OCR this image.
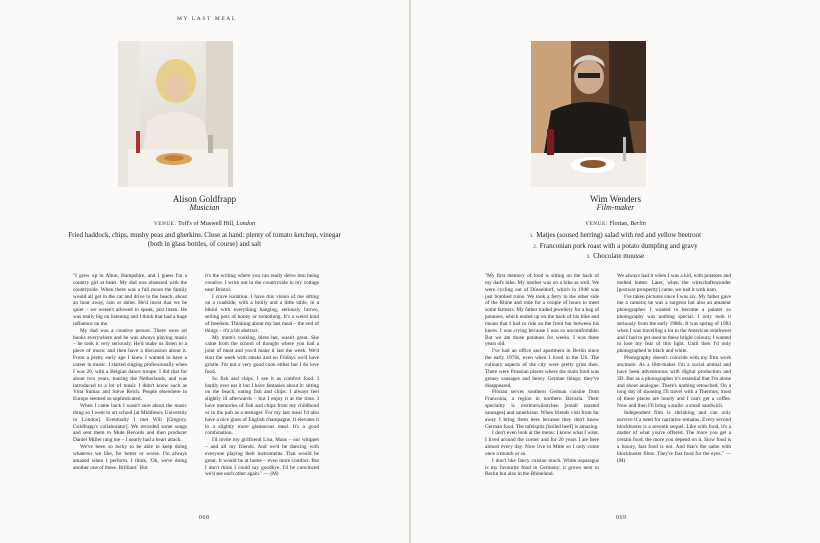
MY LAST MEAL
Alison Goldfrapp
Musician
VENUE: Toff's of Muswell Hill, London
Fried haddock, chips, mushy peas and gherkins. Close at hand: plenty of tomato ketchup, vinegar
(both in glass bottles, of course) and salt

"I grew up in Alton, Hampshire, and I guess I'm a country girl at heart. My dad was obsessed with the countryside. When there was a full moon the family would all get in the car and drive to the beach, about an hour away, rain or shine. He'd insist that we be quiet – we weren't allowed to speak, just listen. He was really big on listening and I think that had a huge influence on me.

My dad was a creative person. There were art books everywhere and he was always playing music – he took it very seriously. He'd make us listen to a piece of music and then have a discussion about it. From a pretty early age I knew I wanted to have a career in music. I started singing professionally when I was 20, with a Belgian dance troupe. I did that for about two years, touring the Netherlands, and was introduced to a lot of music I didn't know such as Yma Sumac and Steve Reich. People elsewhere in Europe seemed so sophisticated.

When I came back I wasn't sure about the music thing so I went to art school [at Middlesex University in London]. Eventually I met Will [Gregory, Goldfrapp's collaborator]. We recorded some songs and sent them to Mute Records and then producer Daniel Miller rang me – I nearly had a heart attack.

We've been so lucky to be able to keep doing whatever we like, for better or worse. I'm always amazed when I perform. I think, 'Oh, we're doing another one of these. Brilliant.' But

it's the writing where you can really delve into being creative. I write out in the countryside in my cottage near Bristol.

I crave isolation. I have this vision of me sitting on a roadside, with a brolly and a little table, in a bikini with everything hanging, seriously brown, selling pots of honey or something. It's a weird kind of freedom. Thinking about my last meal – the end of things – it's a bit abstract.

My mum's cooking, bless her, wasn't great. She came from the school of thought where you had a joint of meat and you'd make it last the week. We'd start the week with steaks and on Fridays we'd have gristle. I'm not a very good cook either but I do love food.

So fish and chips. I see it as comfort food. I hardly ever eat it but I have fantasies about it: sitting on the beach, eating fish and chips. I always feel slightly ill afterwards – but I enjoy it at the time. I have memories of fish and chips from my childhood or in the pub as a teenager. For my last meal I'd also have a nice glass of English champagne. It elevates it to a slightly more glamorous meal. It's a good combination.

I'd invite my girlfriend Lisa, Maus – our whippet – and all my friends. And we'd be dancing with everyone playing their instruments. That would be great. It would be at home – even more comfort. But I don't think I could say goodbye. I'd be convinced we'd see each other again." — (M)

068
Wim Wenders
Film-maker
VENUE: Florian, Berlin
1. Matjes (soused herring) salad with red and yellow beetroot
2. Franconian pork roast with a potato dumpling and gravy
3. Chocolate mousse

"My first memory of food is sitting on the back of my dad's bike. My mother was on a bike as well. We were cycling out of Düsseldorf, which in 1948 was just bombed ruins. We took a ferry to the other side of the Rhine and rode for a couple of hours to meet some farmers. My father traded jewellery for a bag of potatoes, which ended up on the back of his bike and meant that I had to ride on the front bar between his knees. I was crying because I was so uncomfortable. But we ate those potatoes for weeks. I was three years old.

I've had an office and apartment in Berlin since the early 1970s, even when I lived in the US. The culinary aspects of the city were pretty grim then. There were Prussian places where the main food was greasy sausages and heavy German things; they've disappeared.

Florian serves southern German cuisine from Franconia, a region in northern Bavaria. Their speciality is rostbratwürstchen [small roasted sausages] and sauerkraut. When friends visit from far away I bring them here because they don't know German food. The tafelspitz [boiled beef] is amazing.

I don't even look at the menu: I know what I want. I lived around the corner and for 20 years I ate here almost every day. Now live in Mitte so I only come once a month or so.

I don't like fancy cuisine much. White asparagus is my favourite food in Germany; it grows next to Berlin but also in the Rhineland.

We always had it when I was a kid, with potatoes and melted butter. Later, when the wirtschaftswunder [postwar prosperity] came, we had it with ham.

I've taken pictures since I was six. My father gave me a camera; he was a surgeon but also an amateur photographer. I wanted to become a painter so photography was nothing special. I only took it seriously from the early 1980s. It was spring of 1983 when I was travelling a lot in the American southwest and I had to get used to these bright colours; I wanted to lose my fear of this light. Until then I'd only photographed in black and white.

Photography doesn't coincide with my film work anymore. As a film-maker I'm a social animal and have been adventurous with digital production and 3D. But as a photographer it's essential that I'm alone and shoot analogue. There's nothing retouched. On a long day of shooting I'll travel with a Thermos; most of these places are lonely and I can't get a coffee. Now and then I'll bring a stulle: a small sandwich.

Independent film is shrinking and can only survive if a need for narrative remains. Every second blockbuster is a seventh sequel. Like with food, it's a matter of what you're offered. The more you get a certain food, the more you depend on it. Slow food is a luxury, fast food is not. And that's the same with blockbuster films. They're fast food for the eyes." — (M)

069
